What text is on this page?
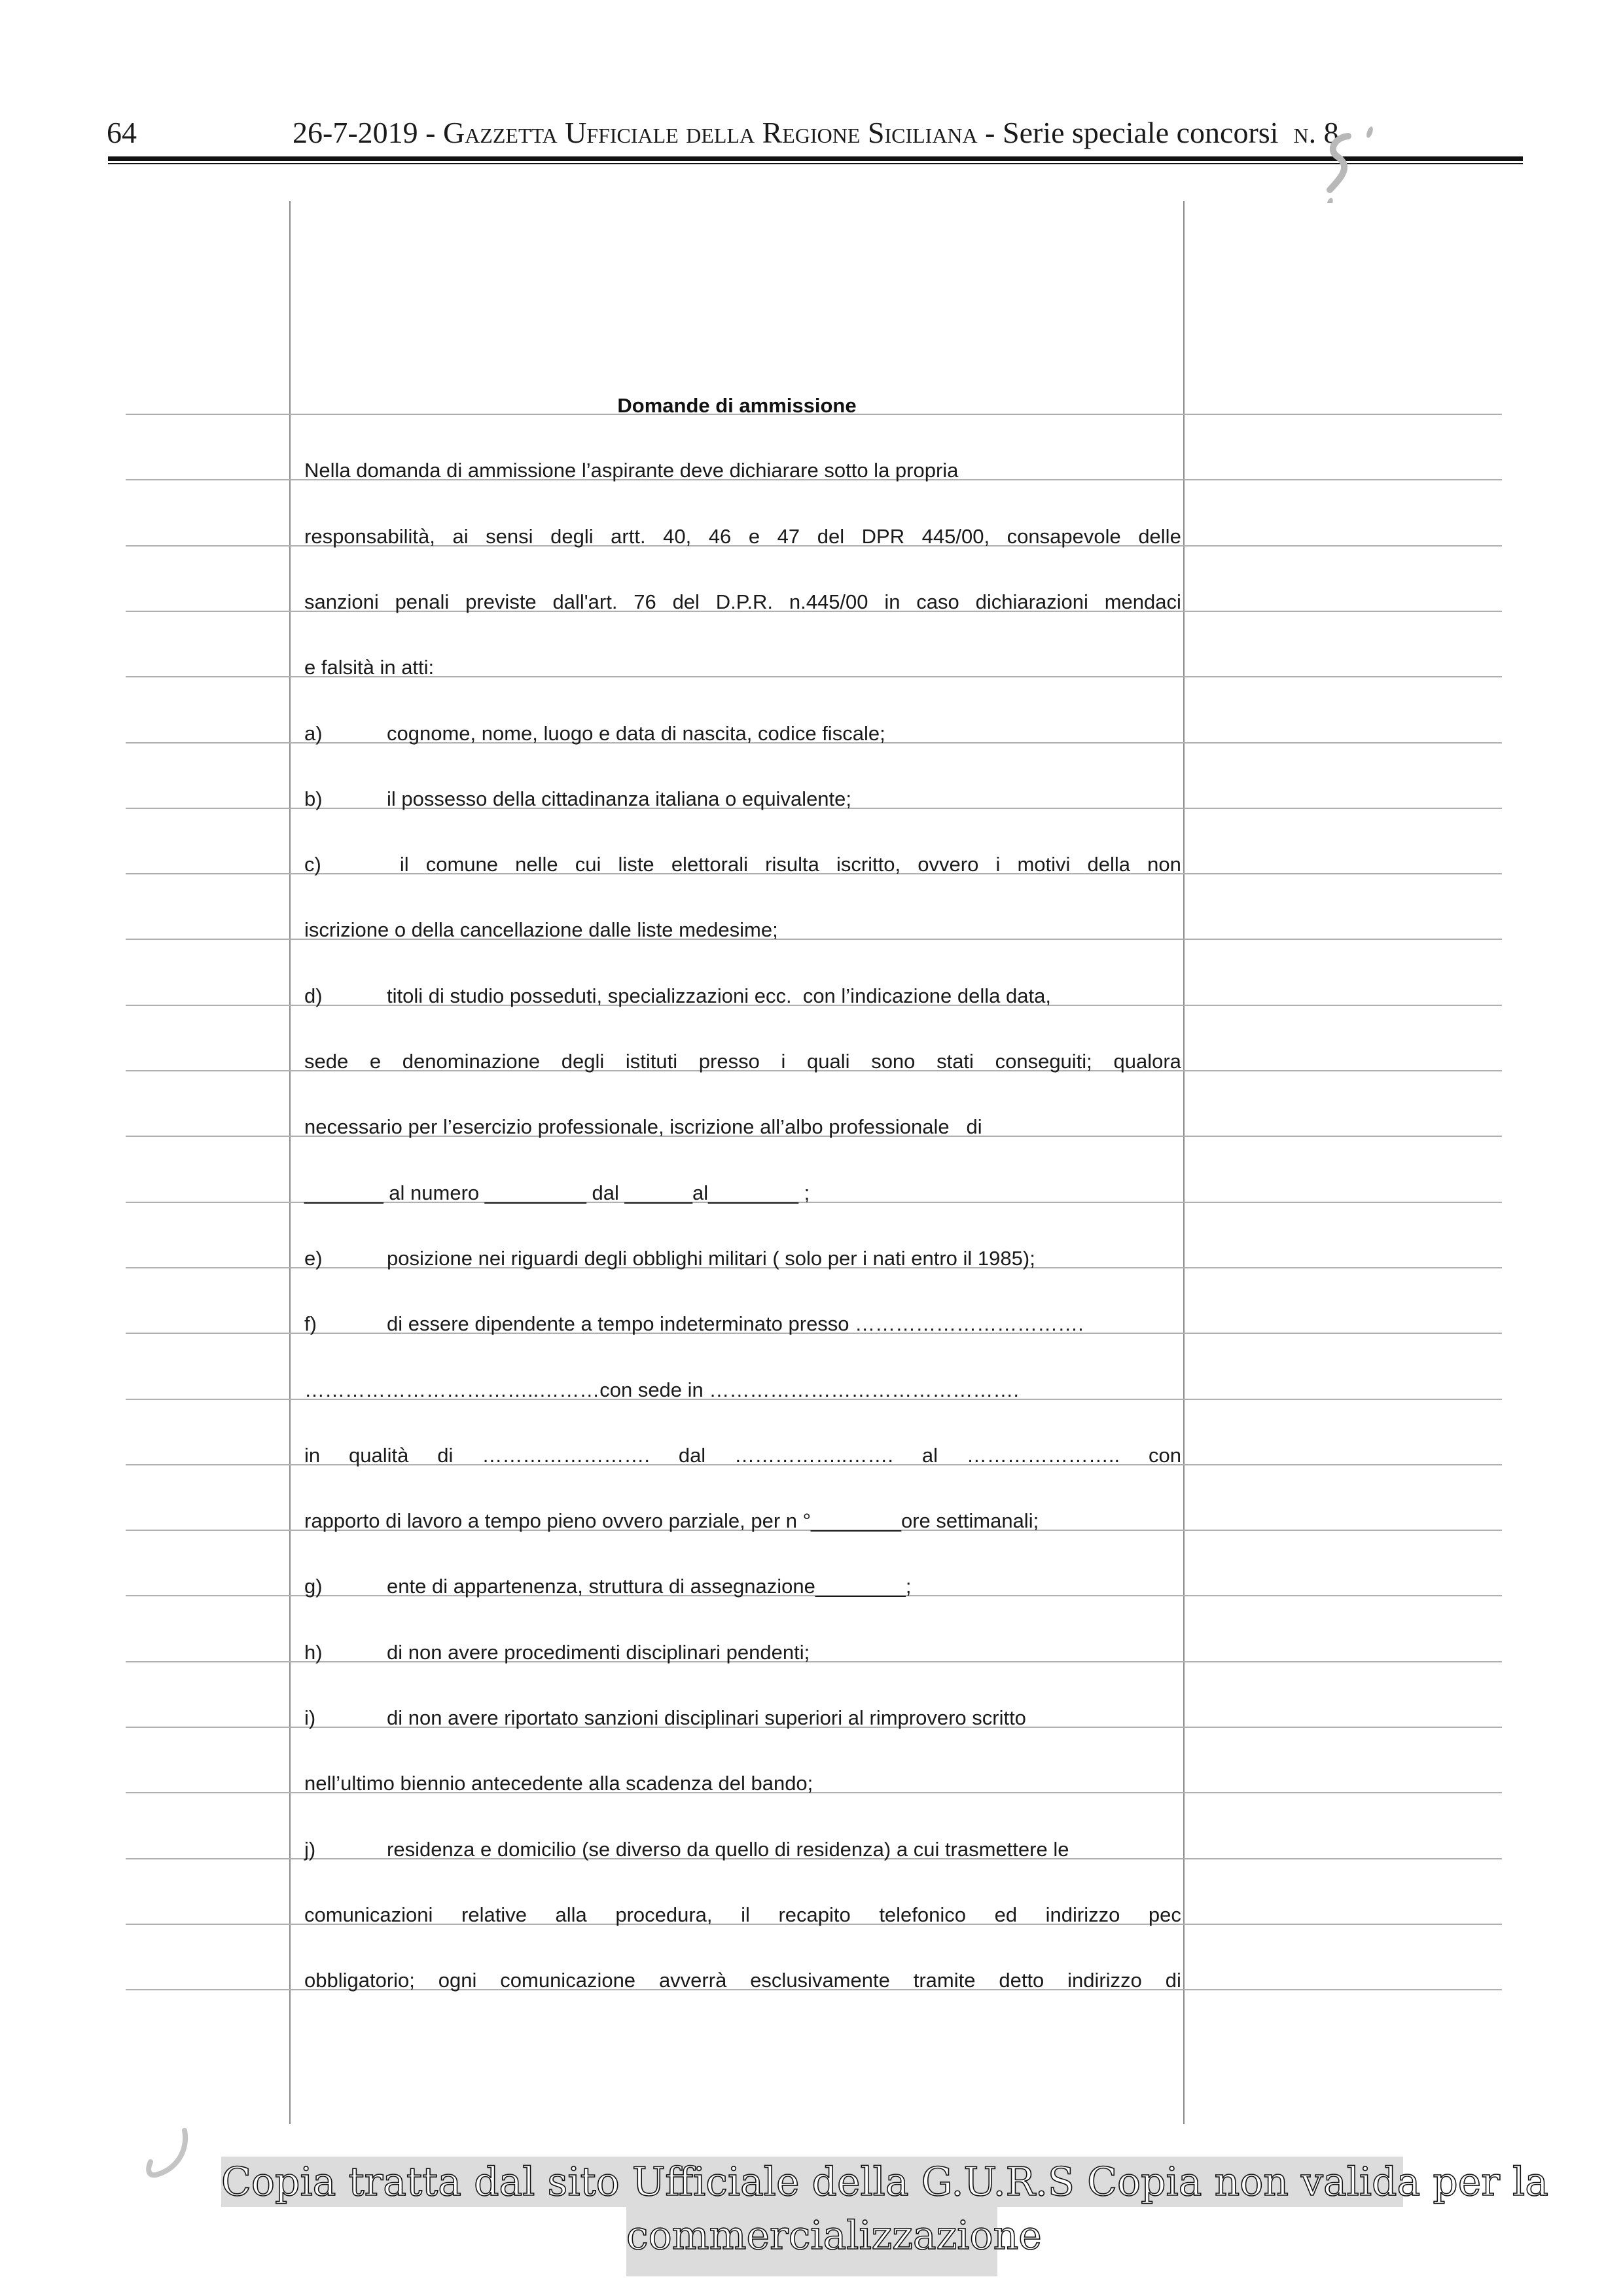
64	26-7-2019 - Gazzetta Ufficiale della Regione Siciliana - Serie speciale concorsi n. 8
Domande di ammissione
Nella domanda di ammissione l’aspirante deve dichiarare sotto la propria
responsabilità, ai sensi degli artt. 40, 46 e 47 del DPR 445/00, consapevole delle
sanzioni penali previste dall'art. 76 del D.P.R. n.445/00 in caso dichiarazioni mendaci
e falsità in atti:
a)	cognome, nome, luogo e data di nascita, codice fiscale;
b)	il possesso della cittadinanza italiana o equivalente;
c)	il comune nelle cui liste elettorali risulta iscritto, ovvero i motivi della non
iscrizione o della cancellazione dalle liste medesime;
d)	titoli di studio posseduti, specializzazioni ecc.  con l’indicazione della data,
sede e denominazione degli istituti presso i quali sono stati conseguiti; qualora
necessario per l’esercizio professionale, iscrizione all’albo professionale   di
_______ al numero _________ dal ______al________ ;
e)	posizione nei riguardi degli obblighi militari ( solo per i nati entro il 1985);
f)	di essere dipendente a tempo indeterminato presso …………………………….
……………………………..………con sede in ……………………………………….
in qualità di ……………………. dal ……………..……. al ………………….. con
rapporto di lavoro a tempo pieno ovvero parziale, per n °________ore settimanali;
g)	ente di appartenenza, struttura di assegnazione________;
h)	di non avere procedimenti disciplinari pendenti;
i)	di non avere riportato sanzioni disciplinari superiori al rimprovero scritto
nell’ultimo biennio antecedente alla scadenza del bando;
j)	residenza e domicilio (se diverso da quello di residenza) a cui trasmettere le
comunicazioni relative alla procedura, il recapito telefonico ed indirizzo pec
obbligatorio; ogni comunicazione avverrà esclusivamente tramite detto indirizzo di
Copia tratta dal sito Ufficiale della G.U.R.S Copia non valida per la
commercializzazione
